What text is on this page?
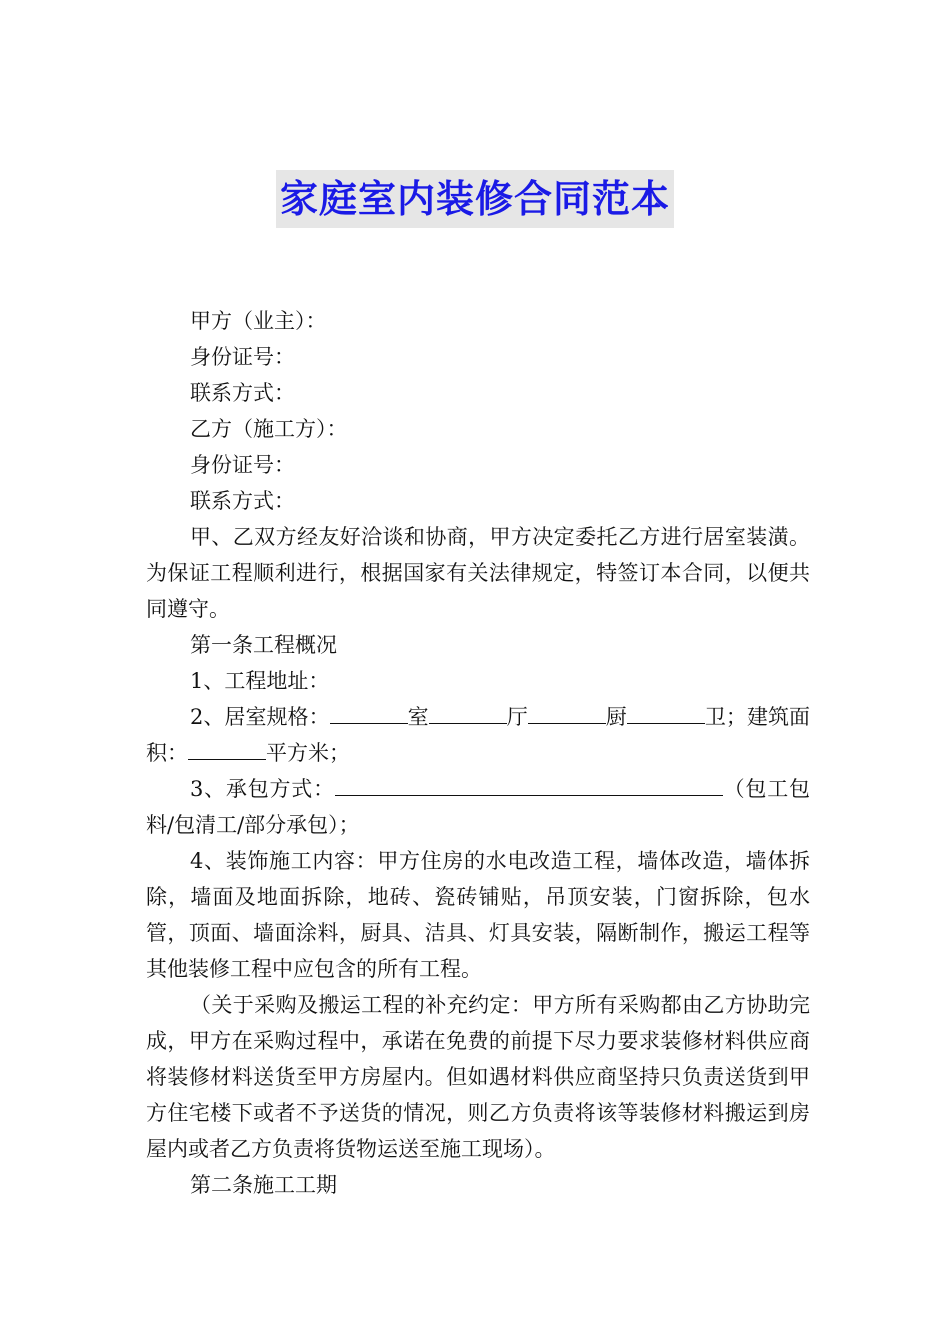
家庭室内装修合同范本

甲方（业主）：

身份证号：

联系方式：

乙方（施工方）：

身份证号：

联系方式：

甲、乙双方经友好洽谈和协商，甲方决定委托乙方进行居室装潢。为保证工程顺利进行，根据国家有关法律规定，特签订本合同，以便共同遵守。

第一条工程概况

1、工程地址：

2、居室规格：	室	厅	厨	卫；建筑面积：	平方米；

3、承包方式：	（包工包料/包清工/部分承包）；

4、装饰施工内容：甲方住房的水电改造工程，墙体改造，墙体拆除，墙面及地面拆除，地砖、瓷砖铺贴，吊顶安装，门窗拆除，包水管，顶面、墙面涂料，厨具、洁具、灯具安装，隔断制作，搬运工程等其他装修工程中应包含的所有工程。

（关于采购及搬运工程的补充约定：甲方所有采购都由乙方协助完成，甲方在采购过程中，承诺在免费的前提下尽力要求装修材料供应商将装修材料送货至甲方房屋内。但如遇材料供应商坚持只负责送货到甲方住宅楼下或者不予送货的情况，则乙方负责将该等装修材料搬运到房屋内或者乙方负责将货物运送至施工现场）。

第二条施工工期
